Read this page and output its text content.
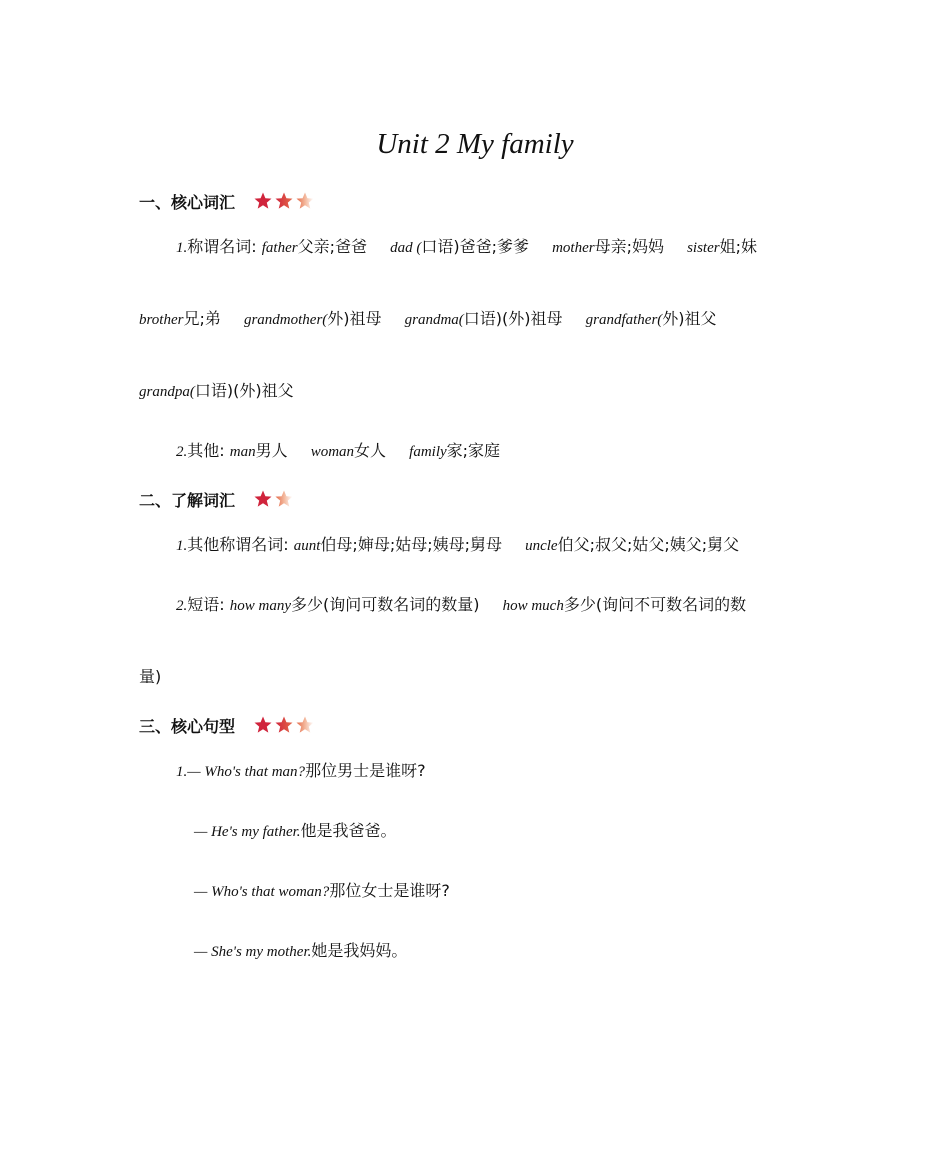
Unit 2 My family
一、核心词汇
1.称谓名词: father父亲;爸爸 dad (口语)爸爸;爹爹 mother母亲;妈妈 sister姐;妹
brother兄;弟 grandmother(外)祖母 grandma(口语)(外)祖母 grandfather(外)祖父
grandpa(口语)(外)祖父
2.其他: man男人 woman女人 family家;家庭
二、了解词汇
1.其他称谓名词: aunt伯母;婶母;姑母;姨母;舅母 uncle伯父;叔父;姑父;姨父;舅父
2.短语: how many多少(询问可数名词的数量) how much多少(询问不可数名词的数
量)
三、核心句型
1.— Who's that man?那位男士是谁呀?
— He's my father.他是我爸爸。
— Who's that woman?那位女士是谁呀?
— She's my mother.她是我妈妈。
